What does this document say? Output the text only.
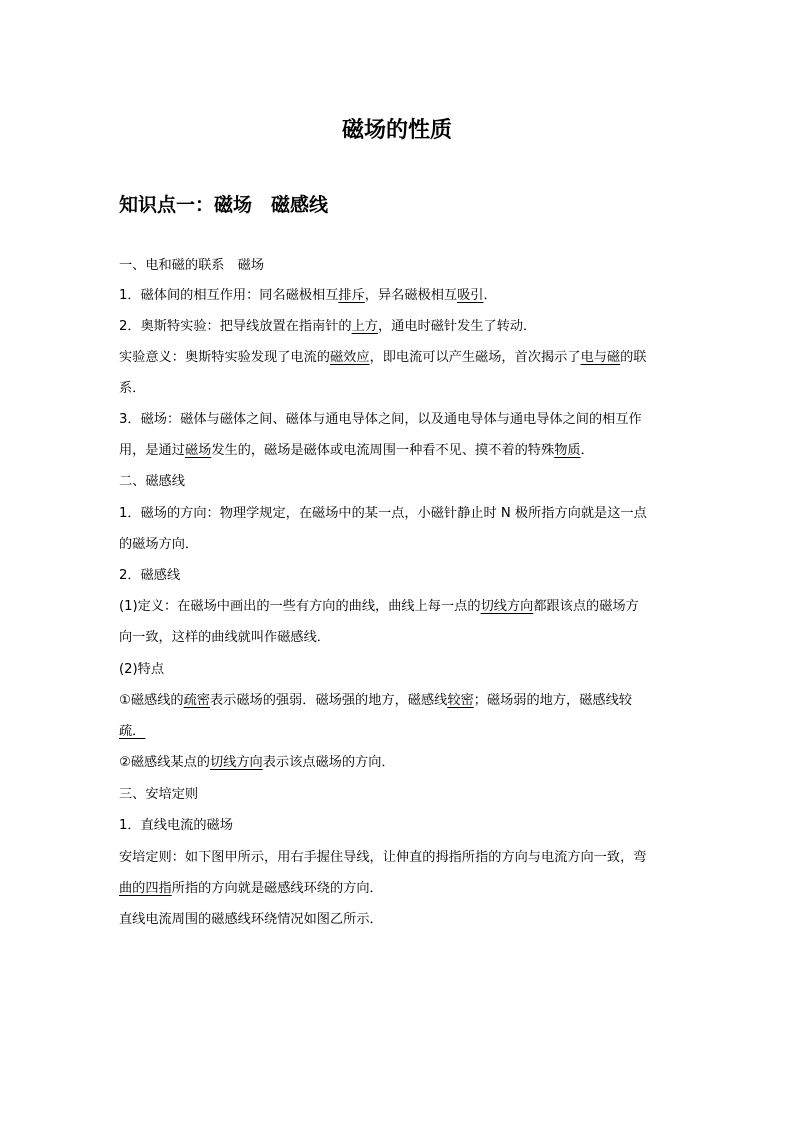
磁场的性质
知识点一：磁场　磁感线
一、电和磁的联系　磁场
1．磁体间的相互作用：同名磁极相互排斥，异名磁极相互吸引．
2．奥斯特实验：把导线放置在指南针的上方，通电时磁针发生了转动．
实验意义：奥斯特实验发现了电流的磁效应，即电流可以产生磁场，首次揭示了电与磁的联
系．
3．磁场：磁体与磁体之间、磁体与通电导体之间，以及通电导体与通电导体之间的相互作
用，是通过磁场发生的，磁场是磁体或电流周围一种看不见、摸不着的特殊物质．
二、磁感线
1．磁场的方向：物理学规定，在磁场中的某一点，小磁针静止时 N 极所指方向就是这一点
的磁场方向．
2．磁感线
(1)定义：在磁场中画出的一些有方向的曲线，曲线上每一点的切线方向都跟该点的磁场方
向一致，这样的曲线就叫作磁感线．
(2)特点
①磁感线的疏密表示磁场的强弱．磁场强的地方，磁感线较密；磁场弱的地方，磁感线较
疏．
②磁感线某点的切线方向表示该点磁场的方向．
三、安培定则
1．直线电流的磁场
安培定则：如下图甲所示，用右手握住导线，让伸直的拇指所指的方向与电流方向一致，弯
曲的四指所指的方向就是磁感线环绕的方向．
直线电流周围的磁感线环绕情况如图乙所示．
